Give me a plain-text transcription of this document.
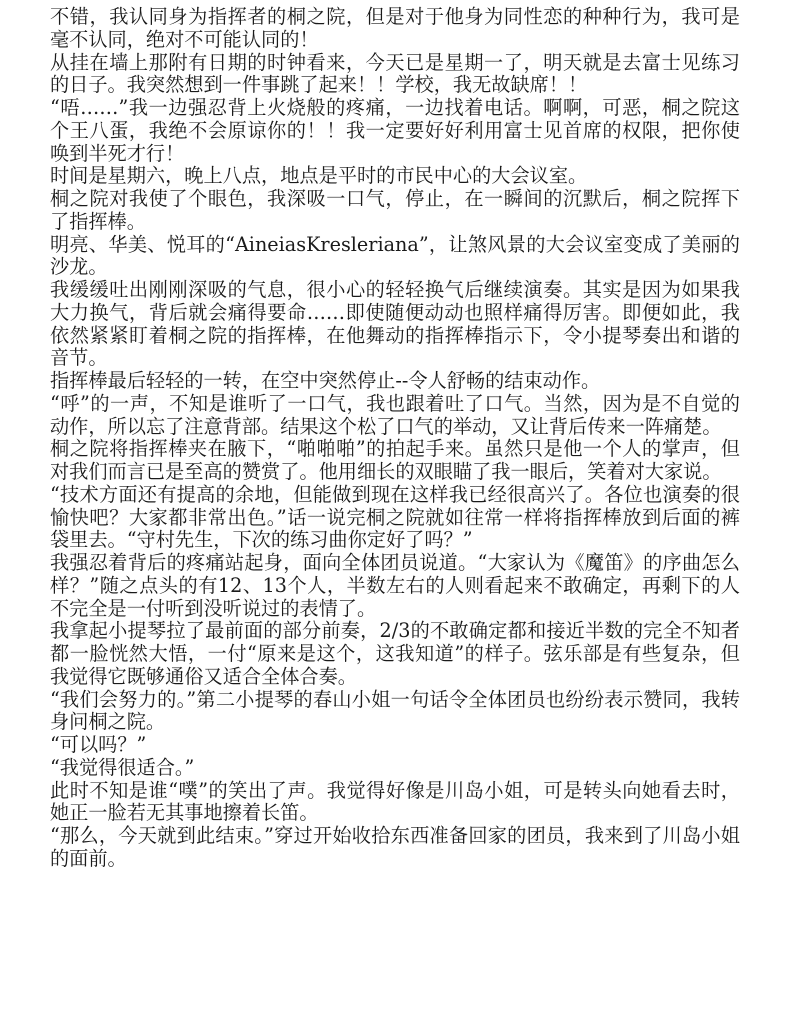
不错，我认同身为指挥者的桐之院，但是对于他身为同性恋的种种行为，我可是毫不认同，绝对不可能认同的！

从挂在墙上那附有日期的时钟看来，今天已是星期一了，明天就是去富士见练习的日子。我突然想到一件事跳了起来！！学校，我无故缺席！！

“唔……”我一边强忍背上火烧般的疼痛，一边找着电话。啊啊，可恶，桐之院这个王八蛋，我绝不会原谅你的！！我一定要好好利用富士见首席的权限，把你使唤到半死才行！

时间是星期六，晚上八点，地点是平时的市民中心的大会议室。

桐之院对我使了个眼色，我深吸一口气，停止，在一瞬间的沉默后，桐之院挥下了指挥棒。

明亮、华美、悦耳的“AineiasKresleriana”，让煞风景的大会议室变成了美丽的沙龙。

我缓缓吐出刚刚深吸的气息，很小心的轻轻换气后继续演奏。其实是因为如果我大力换气，背后就会痛得要命……即使随便动动也照样痛得厉害。即便如此，我依然紧紧盯着桐之院的指挥棒，在他舞动的指挥棒指示下，令小提琴奏出和谐的音节。

指挥棒最后轻轻的一转，在空中突然停止--令人舒畅的结束动作。

“呼”的一声，不知是谁听了一口气，我也跟着吐了口气。当然，因为是不自觉的动作，所以忘了注意背部。结果这个松了口气的举动，又让背后传来一阵痛楚。

桐之院将指挥棒夹在腋下，“啪啪啪”的拍起手来。虽然只是他一个人的掌声，但对我们而言已是至高的赞赏了。他用细长的双眼瞄了我一眼后，笑着对大家说。

“技术方面还有提高的余地，但能做到现在这样我已经很高兴了。各位也演奏的很愉快吧？大家都非常出色。”话一说完桐之院就如往常一样将指挥棒放到后面的裤袋里去。“守村先生，下次的练习曲你定好了吗？”

我强忍着背后的疼痛站起身，面向全体团员说道。“大家认为《魔笛》的序曲怎么样？”随之点头的有12、13个人，半数左右的人则看起来不敢确定，再剩下的人不完全是一付听到没听说过的表情了。

我拿起小提琴拉了最前面的部分前奏，2/3的不敢确定都和接近半数的完全不知者都一脸恍然大悟，一付“原来是这个，这我知道”的样子。弦乐部是有些复杂，但我觉得它既够通俗又适合全体合奏。

“我们会努力的。”第二小提琴的春山小姐一句话令全体团员也纷纷表示赞同，我转身问桐之院。

“可以吗？”

“我觉得很适合。”

此时不知是谁“噗”的笑出了声。我觉得好像是川岛小姐，可是转头向她看去时，她正一脸若无其事地擦着长笛。

“那么，今天就到此结束。”穿过开始收拾东西准备回家的团员，我来到了川岛小姐的面前。
